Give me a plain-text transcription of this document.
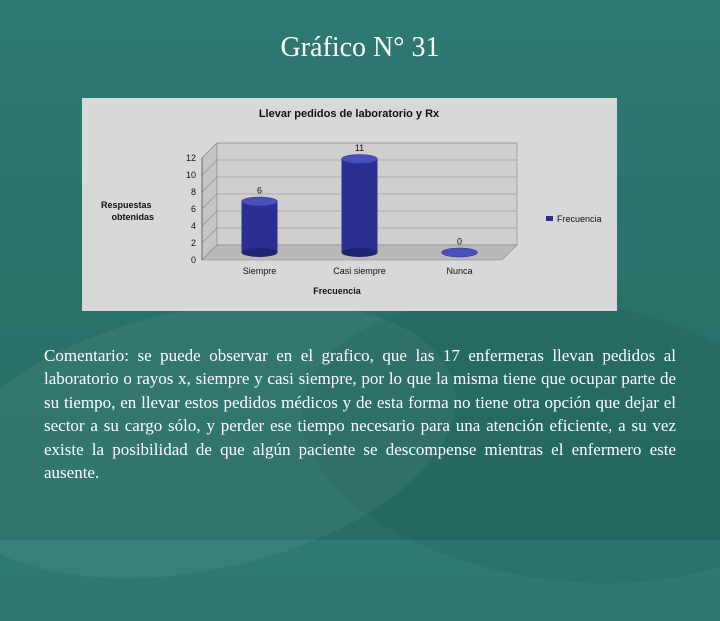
Gráfico N° 31
Llevar pedidos de laboratorio y Rx
Respuestas obtenidas
Frecuencia
0
2
4
6
8
10
12
6
Siempre
11
Casi siempre
0
Nunca
Frecuencia
Comentario: se puede observar en el grafico, que las 17 enfermeras llevan pedidos al laboratorio o rayos x, siempre y casi siempre, por lo que la misma tiene que ocupar parte de su tiempo, en llevar estos pedidos médicos y de esta forma no tiene otra opción que dejar el sector a su cargo sólo, y perder ese tiempo necesario para una atención eficiente, a su vez existe la posibilidad de que algún paciente se descompense mientras el enfermero este ausente.
